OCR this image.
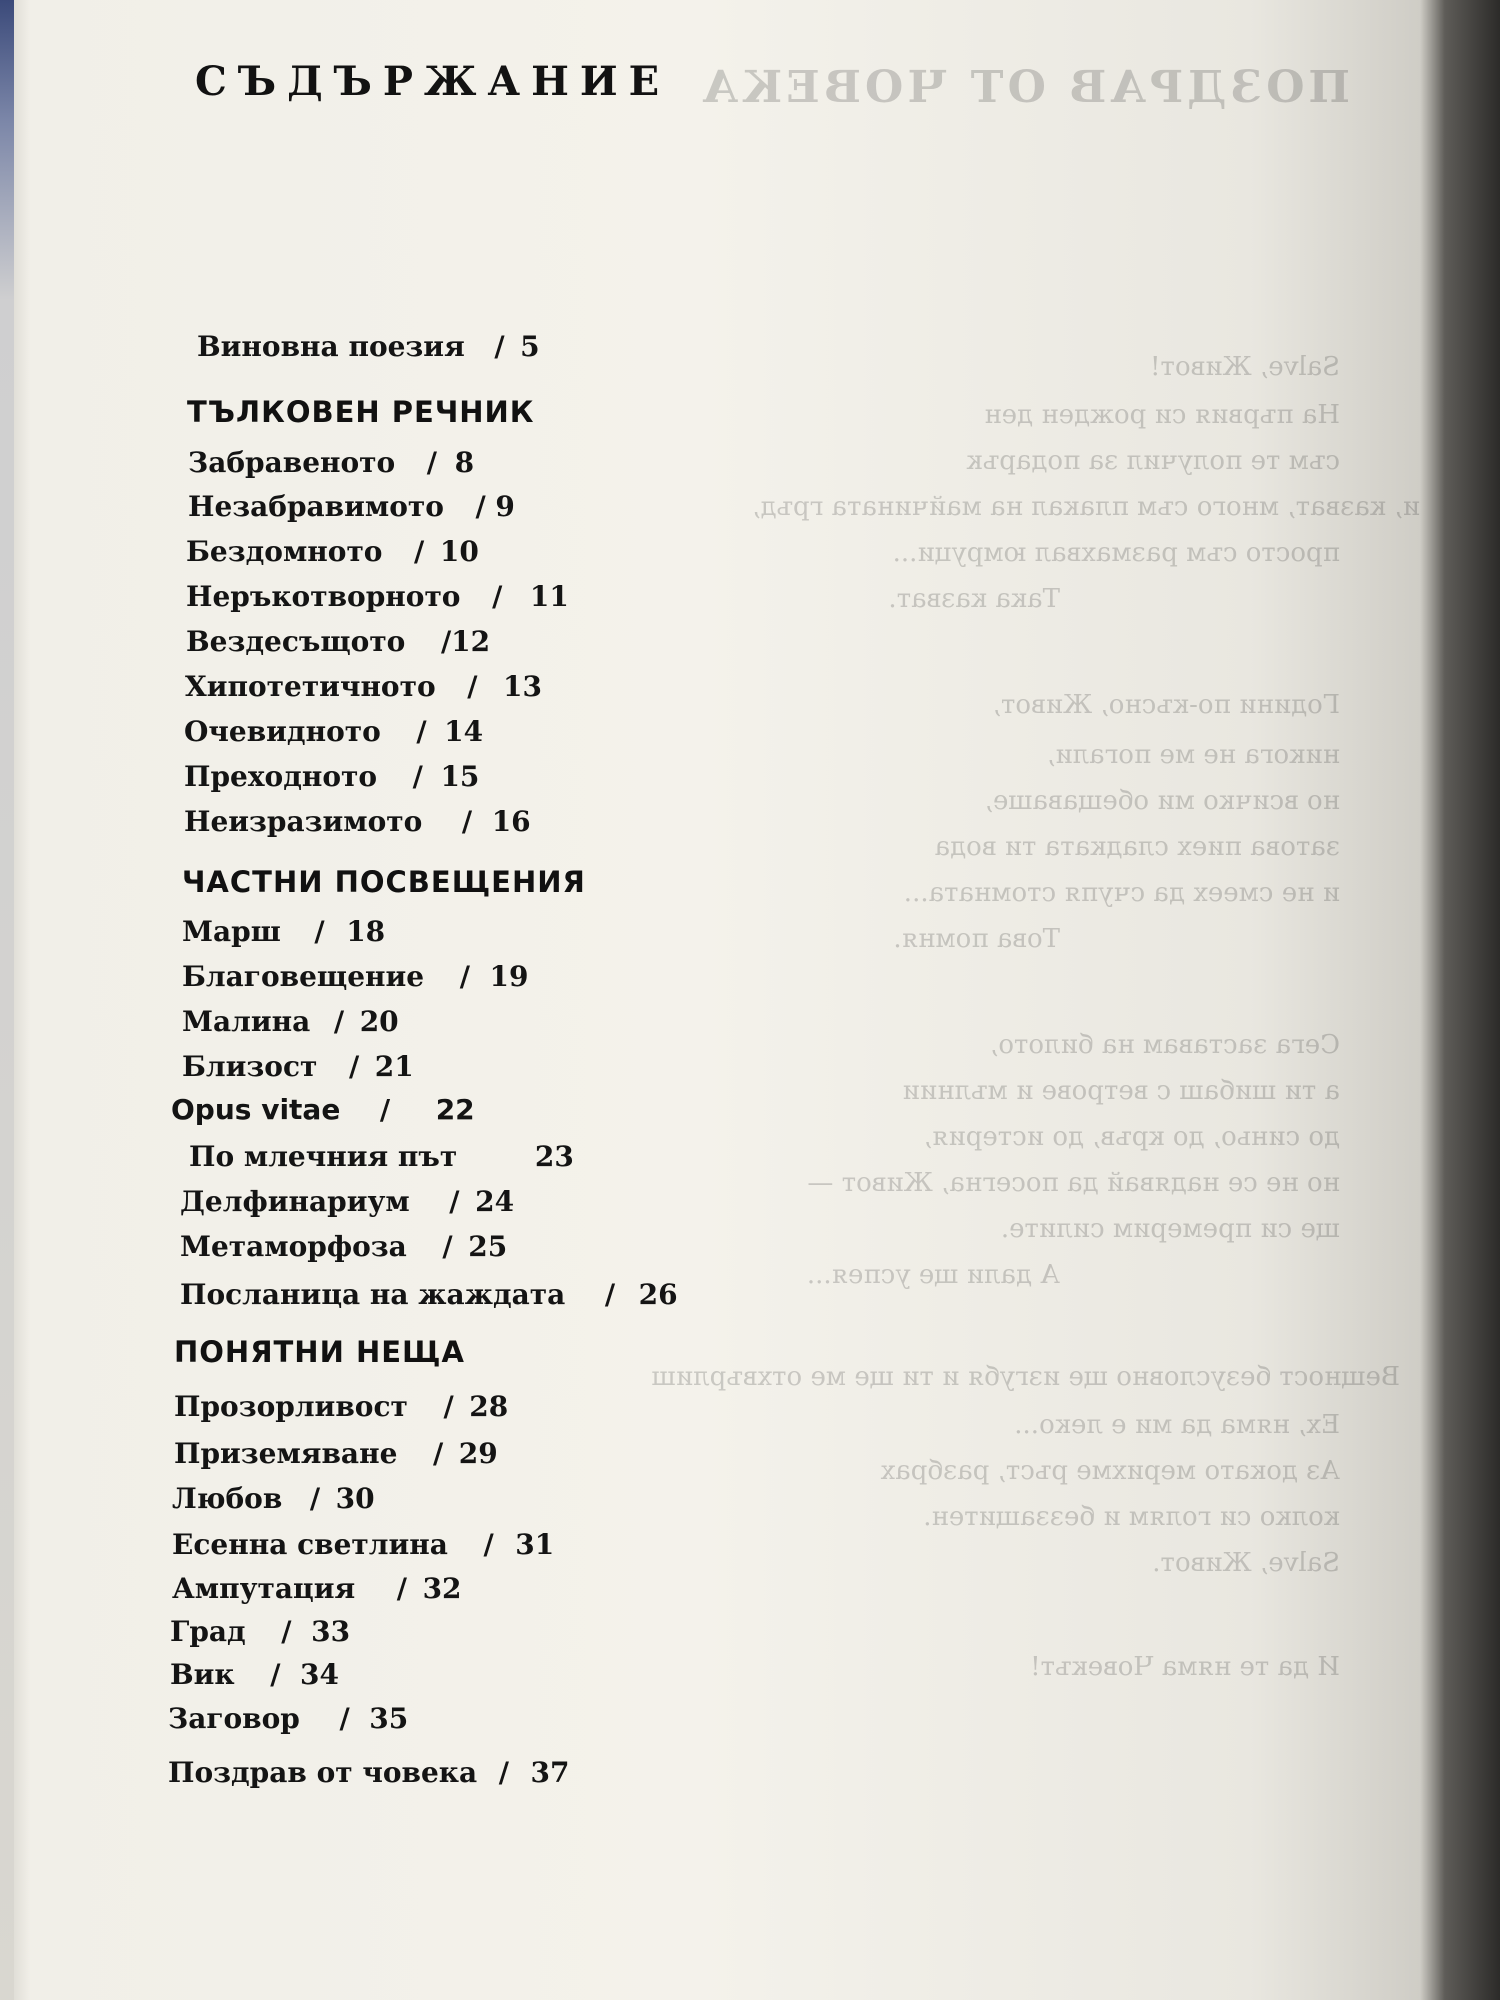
ПОЗДРАВ ОТ ЧОВЕКА
Salve, Живот!
На първия си рожден ден
съм те получил за подарък
и, казват, много съм плакал на майчината гръд,
просто съм размахвал юмруци...
Така казват.
Години по-късно, Живот,
никога не ме погали,
но всичко ми обещаваше,
затова пиех сладката ти вода
и не смеех да счупя стомната...
Това помня.
Сега заставам на билото,
а ти шибаш с ветрове и мълнии
до синьо, до кръв, до истерия,
но не се надявай да посегна, Живот —
ще си премерим силите.
А дали ще успея...
Вещност безусловно ще изгубя и ти ще ме отхвърлиш
Ех, няма да ми е леко...
Аз докато мерихме ръст, разбрах
колко си голям и беззащитен.
Salve, Живот.
И да те няма Човекът!
СЪДЪРЖАНИЕ
Виновна поезия / 5
ТЪЛКОВЕН РЕЧНИК
Забравеното / 8
Незабравимото / 9
Бездомното / 10
Неръкотворното / 11
Вездесъщото /12
Хипотетичното / 13
Очевидното / 14
Преходното / 15
Неизразимото / 16
ЧАСТНИ ПОСВЕЩЕНИЯ
Марш / 18
Благовещение / 19
Малина / 20
Близост / 21
Opus vitae / 22
По млечния път	23
Делфинариум / 24
Метаморфоза / 25
Посланица на жаждата / 26
ПОНЯТНИ НЕЩА
Прозорливост / 28
Приземяване / 29
Любов / 30
Есенна светлина / 31
Ампутация / 32
Град / 33
Вик / 34
Заговор / 35
Поздрав от човека / 37
